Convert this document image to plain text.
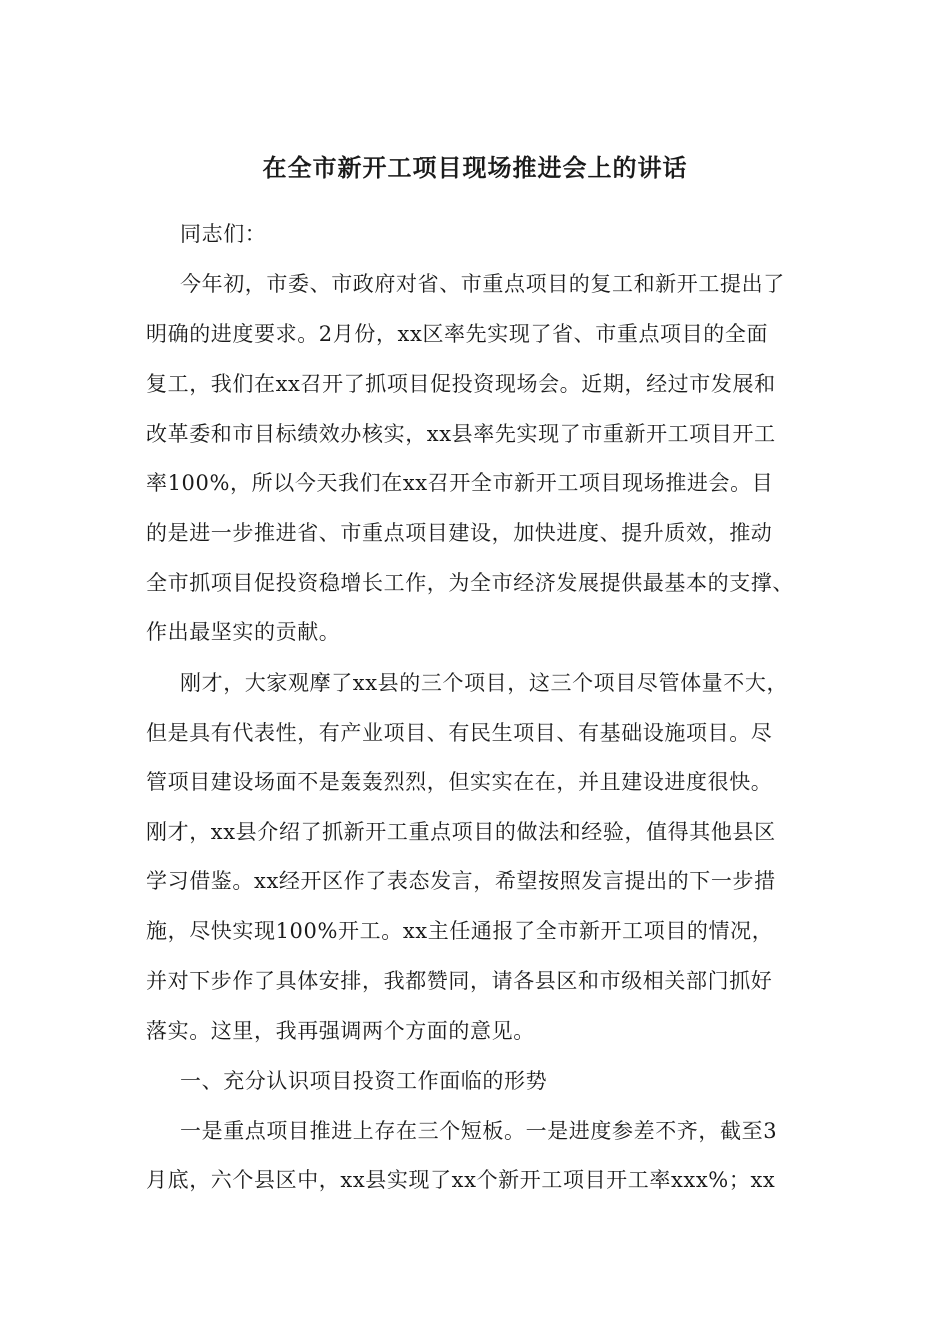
在全市新开工项目现场推进会上的讲话

同志们：

今年初，市委、市政府对省、市重点项目的复工和新开工提出了

明确的进度要求。2月份，xx区率先实现了省、市重点项目的全面

复工，我们在xx召开了抓项目促投资现场会。近期，经过市发展和

改革委和市目标绩效办核实，xx县率先实现了市重新开工项目开工

率100%，所以今天我们在xx召开全市新开工项目现场推进会。目

的是进一步推进省、市重点项目建设，加快进度、提升质效，推动

全市抓项目促投资稳增长工作，为全市经济发展提供最基本的支撑、

作出最坚实的贡献。

刚才，大家观摩了xx县的三个项目，这三个项目尽管体量不大，

但是具有代表性，有产业项目、有民生项目、有基础设施项目。尽

管项目建设场面不是轰轰烈烈，但实实在在，并且建设进度很快。

刚才，xx县介绍了抓新开工重点项目的做法和经验，值得其他县区

学习借鉴。xx经开区作了表态发言，希望按照发言提出的下一步措

施，尽快实现100%开工。xx主任通报了全市新开工项目的情况，

并对下步作了具体安排，我都赞同，请各县区和市级相关部门抓好

落实。这里，我再强调两个方面的意见。

一、充分认识项目投资工作面临的形势

一是重点项目推进上存在三个短板。一是进度参差不齐，截至3

月底，六个县区中，xx县实现了xx个新开工项目开工率xxx%；xx
